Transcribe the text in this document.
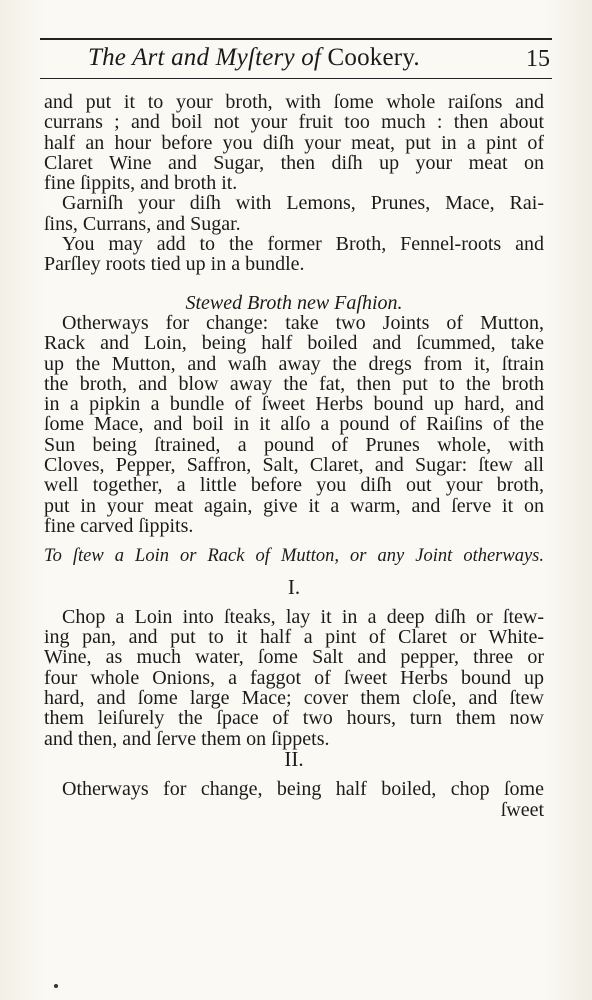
The Art and Myſtery of Cookery.	15
and put it to your broth, with ſome whole raiſons and
currans ; and boil not your fruit too much : then about
half an hour before you diſh your meat, put in a pint of
Claret Wine and Sugar, then diſh up your meat on
fine ſippits, and broth it.
Garniſh your diſh with Lemons, Prunes, Mace, Rai-
ſins, Currans, and Sugar.
You may add to the former Broth, Fennel-roots and
Parſley roots tied up in a bundle.
Stewed Broth new Faſhion.
Otherways for change: take two Joints of Mutton,
Rack and Loin, being half boiled and ſcummed, take
up the Mutton, and waſh away the dregs from it, ſtrain
the broth, and blow away the fat, then put to the broth
in a pipkin a bundle of ſweet Herbs bound up hard, and
ſome Mace, and boil in it alſo a pound of Raiſins of the
Sun being ſtrained, a pound of Prunes whole, with
Cloves, Pepper, Saffron, Salt, Claret, and Sugar: ſtew all
well together, a little before you diſh out your broth,
put in your meat again, give it a warm, and ſerve it on
fine carved ſippits.
To ſtew a Loin or Rack of Mutton, or any Joint otherways.
I.
Chop a Loin into ſteaks, lay it in a deep diſh or ſtew-
ing pan, and put to it half a pint of Claret or White-
Wine, as much water, ſome Salt and pepper, three or
four whole Onions, a faggot of ſweet Herbs bound up
hard, and ſome large Mace; cover them cloſe, and ſtew
them leiſurely the ſpace of two hours, turn them now
and then, and ſerve them on ſippets.
II.
Otherways for change, being half boiled, chop ſome
ſweet
